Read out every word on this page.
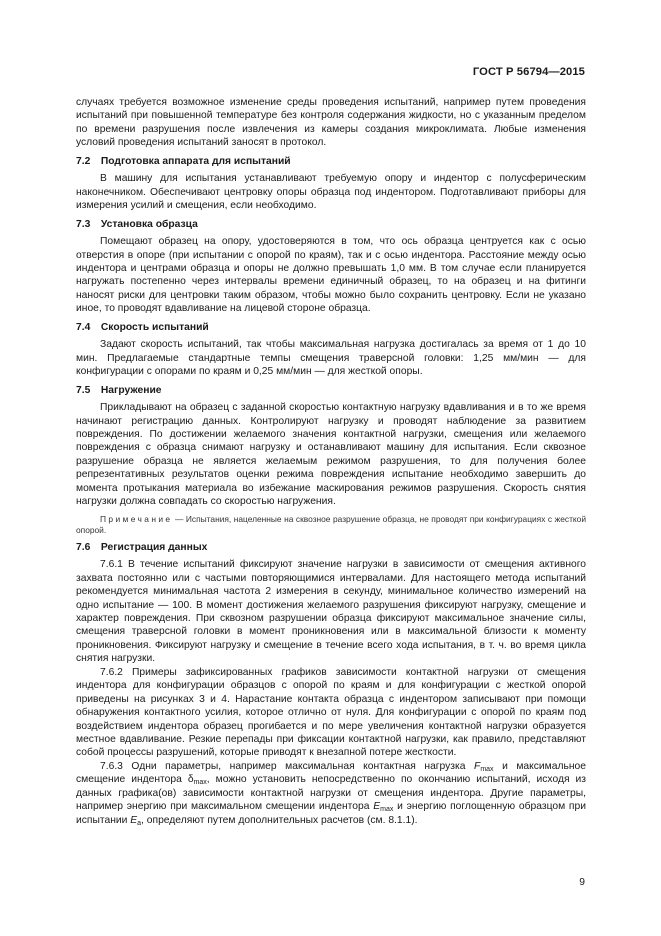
ГОСТ Р 56794—2015

случаях требуется возможное изменение среды проведения испытаний, например путем проведения испытаний при повышенной температуре без контроля содержания жидкости, но с указанным пределом по времени разрушения после извлечения из камеры создания микроклимата. Любые изменения условий проведения испытаний заносят в протокол.

7.2 Подготовка аппарата для испытаний

В машину для испытания устанавливают требуемую опору и индентор с полусферическим наконечником. Обеспечивают центровку опоры образца под индентором. Подготавливают приборы для измерения усилий и смещения, если необходимо.

7.3 Установка образца

Помещают образец на опору, удостоверяются в том, что ось образца центруется как с осью отверстия в опоре (при испытании с опорой по краям), так и с осью индентора. Расстояние между осью индентора и центрами образца и опоры не должно превышать 1,0 мм. В том случае если планируется нагружать постепенно через интервалы времени единичный образец, то на образец и на фитинги наносят риски для центровки таким образом, чтобы можно было сохранить центровку. Если не указано иное, то проводят вдавливание на лицевой стороне образца.

7.4 Скорость испытаний

Задают скорость испытаний, так чтобы максимальная нагрузка достигалась за время от 1 до 10 мин. Предлагаемые стандартные темпы смещения траверсной головки: 1,25 мм/мин — для конфигурации с опорами по краям и 0,25 мм/мин — для жесткой опоры.

7.5 Нагружение

Прикладывают на образец с заданной скоростью контактную нагрузку вдавливания и в то же время начинают регистрацию данных. Контролируют нагрузку и проводят наблюдение за развитием повреждения. По достижении желаемого значения контактной нагрузки, смещения или желаемого повреждения с образца снимают нагрузку и останавливают машину для испытания. Если сквозное разрушение образца не является желаемым режимом разрушения, то для получения более репрезентативных результатов оценки режима повреждения испытание необходимо завершить до момента протыкания материала во избежание маскирования режимов разрушения. Скорость снятия нагрузки должна совпадать со скоростью нагружения.

Примечание — Испытания, нацеленные на сквозное разрушение образца, не проводят при конфигурациях с жесткой опорой.

7.6 Регистрация данных

7.6.1 В течение испытаний фиксируют значение нагрузки в зависимости от смещения активного захвата постоянно или с частыми повторяющимися интервалами. Для настоящего метода испытаний рекомендуется минимальная частота 2 измерения в секунду, минимальное количество измерений на одно испытание — 100. В момент достижения желаемого разрушения фиксируют нагрузку, смещение и характер повреждения. При сквозном разрушении образца фиксируют максимальное значение силы, смещения траверсной головки в момент проникновения или в максимальной близости к моменту проникновения. Фиксируют нагрузку и смещение в течение всего хода испытания, в т. ч. во время цикла снятия нагрузки.

7.6.2 Примеры зафиксированных графиков зависимости контактной нагрузки от смещения индентора для конфигурации образцов с опорой по краям и для конфигурации с жесткой опорой приведены на рисунках 3 и 4. Нарастание контакта образца с индентором записывают при помощи обнаружения контактного усилия, которое отлично от нуля. Для конфигурации с опорой по краям под воздействием индентора образец прогибается и по мере увеличения контактной нагрузки образуется местное вдавливание. Резкие перепады при фиксации контактной нагрузки, как правило, представляют собой процессы разрушений, которые приводят к внезапной потере жесткости.

7.6.3 Одни параметры, например максимальная контактная нагрузка $F_{max}$ и максимальное смещение индентора $\delta_{max}$, можно установить непосредственно по окончанию испытаний, исходя из данных графика(ов) зависимости контактной нагрузки от смещения индентора. Другие параметры, например энергию при максимальном смещении индентора $E_{max}$ и энергию поглощенную образцом при испытании $E_a$, определяют путем дополнительных расчетов (см. 8.1.1).

9
